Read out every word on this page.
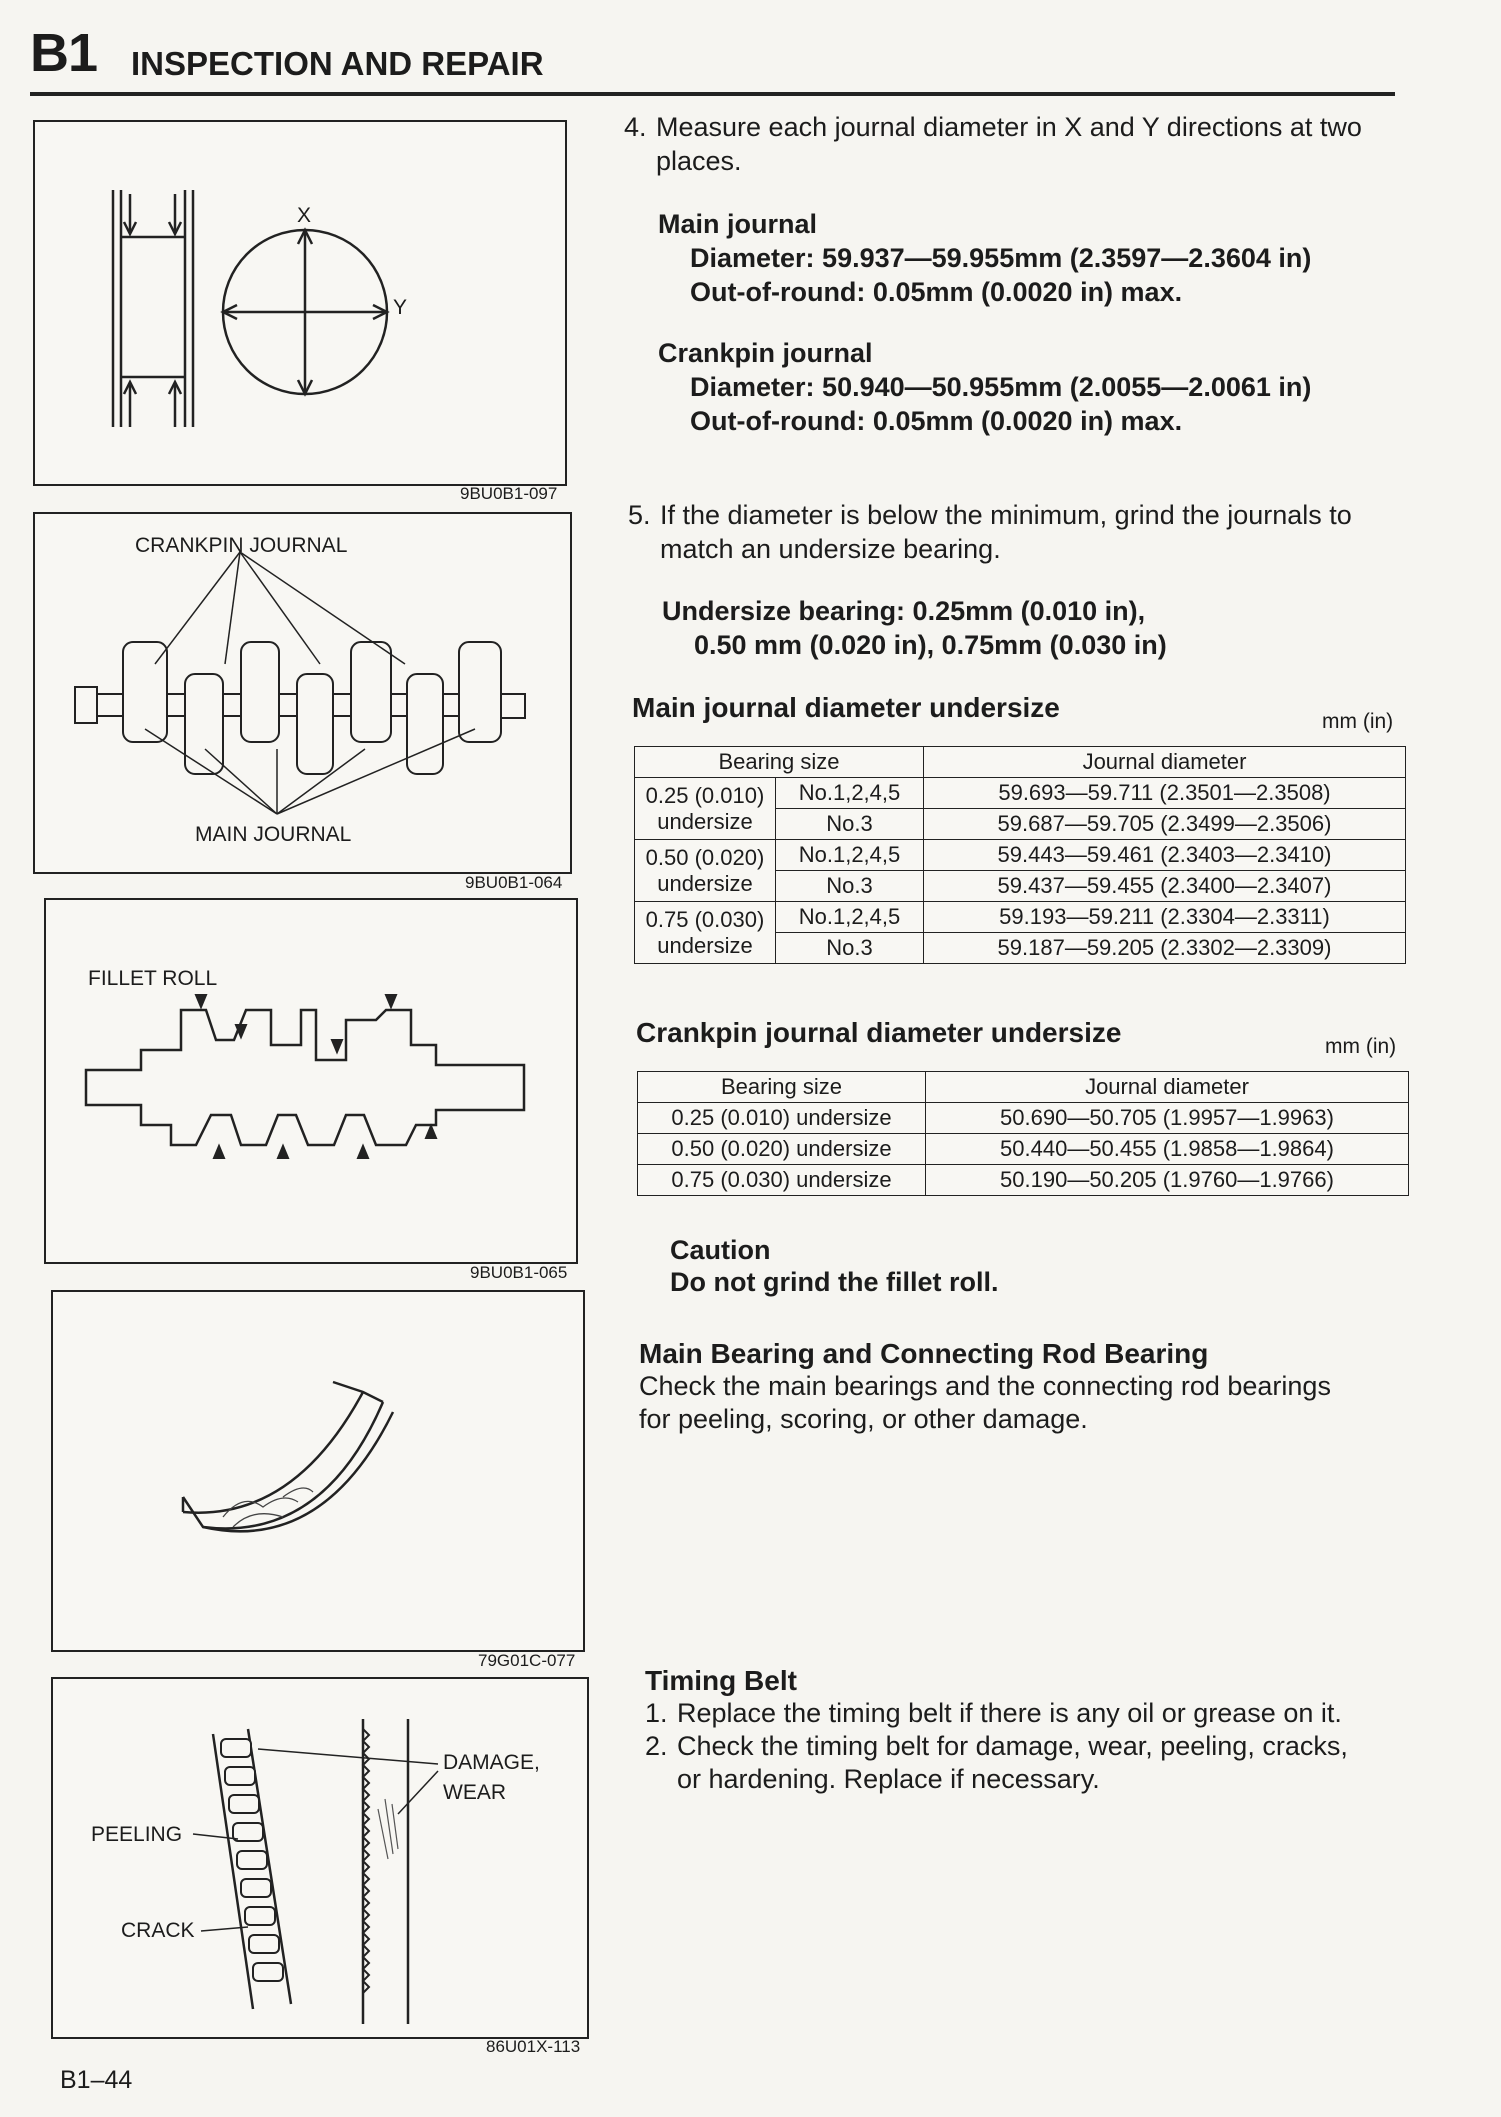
B1 INSPECTION AND REPAIR
X
Y
9BU0B1-097
CRANKPIN JOURNAL
MAIN JOURNAL
9BU0B1-064
FILLET ROLL
9BU0B1-065
79G01C-077
DAMAGE,
WEAR
PEELING
CRACK
86U01X-113
4. Measure each journal diameter in X and Y directions at two
places.
Main journal
Diameter: 59.937—59.955mm (2.3597—2.3604 in)
Out-of-round: 0.05mm (0.0020 in) max.
Crankpin journal
Diameter: 50.940—50.955mm (2.0055—2.0061 in)
Out-of-round: 0.05mm (0.0020 in) max.
5. If the diameter is below the minimum, grind the journals to
match an undersize bearing.
Undersize bearing: 0.25mm (0.010 in),
0.50 mm (0.020 in), 0.75mm (0.030 in)
Main journal diameter undersize	mm (in)
Bearing size		Journal diameter
0.25 (0.010)
undersize	No.1,2,4,5	59.693—59.711 (2.3501—2.3508)
	No.3	59.687—59.705 (2.3499—2.3506)
0.50 (0.020)
undersize	No.1,2,4,5	59.443—59.461 (2.3403—2.3410)
	No.3	59.437—59.455 (2.3400—2.3407)
0.75 (0.030)
undersize	No.1,2,4,5	59.193—59.211 (2.3304—2.3311)
	No.3	59.187—59.205 (2.3302—2.3309)
Crankpin journal diameter undersize	mm (in)
Bearing size	Journal diameter
0.25 (0.010) undersize	50.690—50.705 (1.9957—1.9963)
0.50 (0.020) undersize	50.440—50.455 (1.9858—1.9864)
0.75 (0.030) undersize	50.190—50.205 (1.9760—1.9766)
Caution
Do not grind the fillet roll.
Main Bearing and Connecting Rod Bearing
Check the main bearings and the connecting rod bearings
for peeling, scoring, or other damage.
Timing Belt
1. Replace the timing belt if there is any oil or grease on it.
2. Check the timing belt for damage, wear, peeling, cracks,
or hardening. Replace if necessary.
B1–44
